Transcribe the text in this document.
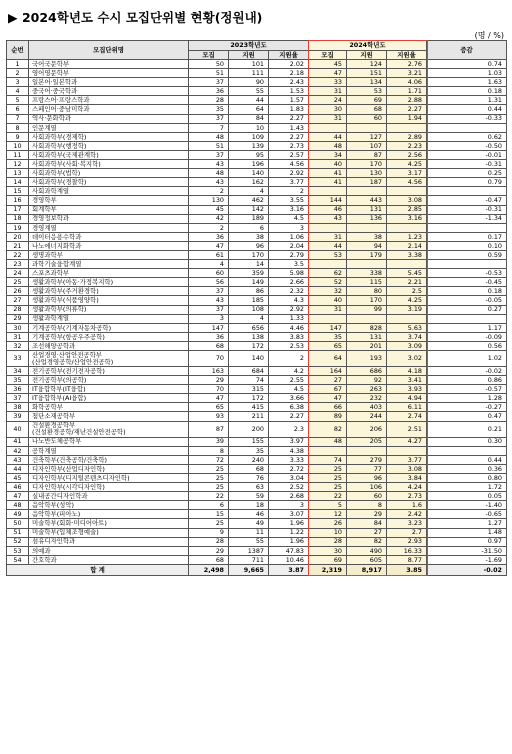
▶ 2024학년도 수시 모집단위별 현황(정원내)
(명 / %)
순번	모집단위명	2023학년도			2024학년도			증감
		모집	지원	지원율	모집	지원	지원율	
1	국어국문학부	50	101	2.02	45	124	2.76	0.74
2	영어영문학부	51	111	2.18	47	151	3.21	1.03
3	일본어·일본학과	37	90	2.43	33	134	4.06	1.63
4	중국어·중국학과	36	55	1.53	31	53	1.71	0.18
5	프랑스어·프랑스학과	28	44	1.57	24	69	2.88	1.31
6	스페인어·중남미학과	35	64	1.83	30	68	2.27	0.44
7	역사·문화학과	37	84	2.27	31	60	1.94	-0.33
8	인문계열	7	10	1.43				
9	사회과학부(경제학)	48	109	2.27	44	127	2.89	0.62
10	사회과학부(행정학)	51	139	2.73	48	107	2.23	-0.50
11	사회과학부(국제관계학)	37	95	2.57	34	87	2.56	-0.01
12	사회과학부(사회·복지학)	43	196	4.56	40	170	4.25	-0.31
13	사회과학부(법학)	48	140	2.92	41	130	3.17	0.25
14	사회과학부(경찰학)	43	162	3.77	41	187	4.56	0.79
15	사회과학계열	2	4	2				
16	경영학부	130	462	3.55	144	443	3.08	-0.47
17	회계학부	45	142	3.16	46	131	2.85	-0.31
18	경영정보학과	42	189	4.5	43	136	3.16	-1.34
19	경영계열	2	6	3				
20	데이터응용수학과	36	38	1.06	31	38	1.23	0.17
21	나노에너지화학과	47	96	2.04	44	94	2.14	0.10
22	생명과학부	61	170	2.79	53	179	3.38	0.59
23	과학기술융합계열	4	14	3.5				
24	스포츠과학부	60	359	5.98	62	338	5.45	-0.53
25	생활과학부(아동·가정복지학)	56	149	2.66	52	115	2.21	-0.45
26	생활과학부(주거환경학)	37	86	2.32	32	80	2.5	0.18
27	생활과학부(식품영양학)	43	185	4.3	40	170	4.25	-0.05
28	생활과학부(의류학)	37	108	2.92	31	99	3.19	0.27
29	생활과학계열	3	4	1.33				
30	기계공학부(기계자동차공학)	147	656	4.46	147	828	5.63	1.17
31	기계공학부(항공우주공학)	36	138	3.83	35	131	3.74	-0.09
32	조선해양공학과	68	172	2.53	65	201	3.09	0.56
33	산업경영·산업안전공학부
(산업경영공학/산업안전공학)	70	140	2	64	193	3.02	1.02
34	전기공학부(전기전자공학)	163	684	4.2	164	686	4.18	-0.02
35	전기공학부(의공학)	29	74	2.55	27	92	3.41	0.86
36	IT융합학부(IT융합)	70	315	4.5	67	263	3.93	-0.57
37	IT융합학부(AI융합)	47	172	3.66	47	232	4.94	1.28
38	화학공학부	65	415	6.38	66	403	6.11	-0.27
39	첨단소재공학부	93	211	2.27	89	244	2.74	0.47
40	건설환경공학부
(건설환경공학/재난건설안전공학)	87	200	2.3	82	206	2.51	0.21
41	나노반도체공학부	39	155	3.97	48	205	4.27	0.30
42	공학계열	8	35	4.38				
43	건축학부(건축공학/건축학)	72	240	3.33	74	279	3.77	0.44
44	디자인학부(산업디자인학)	25	68	2.72	25	77	3.08	0.36
45	디자인학부(디지털콘텐츠디자인학)	25	76	3.04	25	96	3.84	0.80
46	디자인학부(시각디자인학)	25	63	2.52	25	106	4.24	1.72
47	실내공간디자인학과	22	59	2.68	22	60	2.73	0.05
48	음악학부(성악)	6	18	3	5	8	1.6	-1.40
49	음악학부(피아노)	15	46	3.07	12	29	2.42	-0.65
50	미술학부(회화·미디어아트)	25	49	1.96	26	84	3.23	1.27
51	미술학부(입체조형예술)	9	11	1.22	10	27	2.7	1.48
52	섬유디자인학과	28	55	1.96	28	82	2.93	0.97
53	의예과	29	1387	47.83	30	490	16.33	-31.50
54	간호학과	68	711	10.46	69	605	8.77	-1.69
합 계		2,498	9,665	3.87	2,319	8,917	3.85	-0.02
